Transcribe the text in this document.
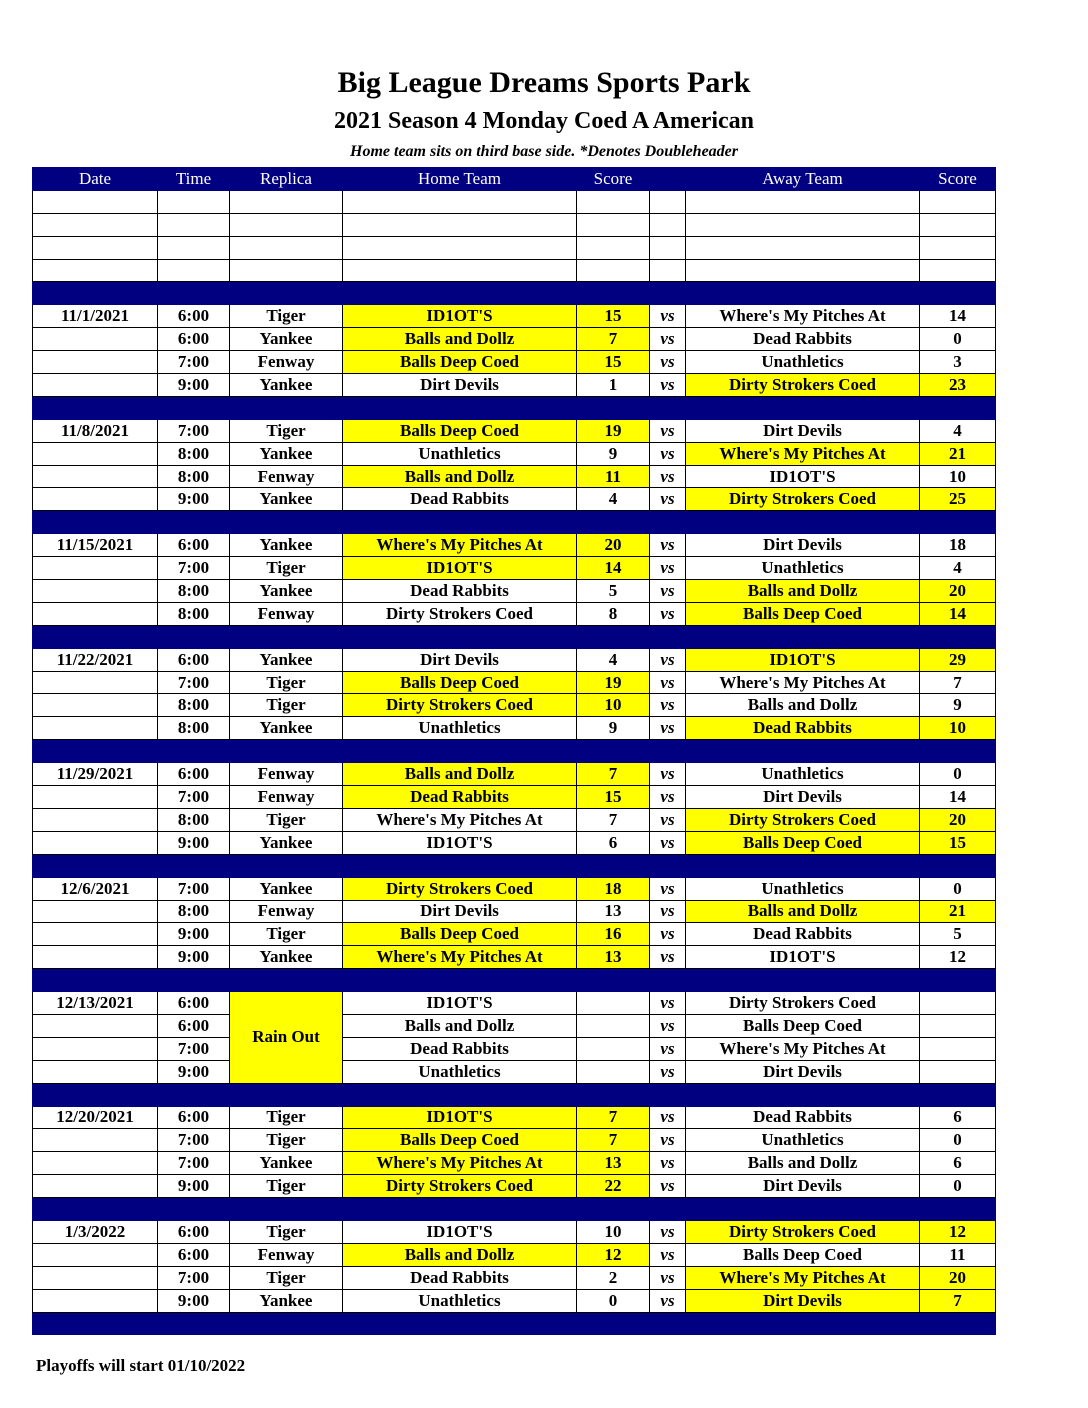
Big League Dreams Sports Park
2021 Season 4 Monday Coed A American
Home team sits on third base side. *Denotes Doubleheader
Date	Time	Replica	Home Team	Score		Away Team	Score

11/1/2021	6:00	Tiger	ID1OT'S	15	vs	Where's My Pitches At	14
	6:00	Yankee	Balls and Dollz	7	vs	Dead Rabbits	0
	7:00	Fenway	Balls Deep Coed	15	vs	Unathletics	3
	9:00	Yankee	Dirt Devils	1	vs	Dirty Strokers Coed	23

11/8/2021	7:00	Tiger	Balls Deep Coed	19	vs	Dirt Devils	4
	8:00	Yankee	Unathletics	9	vs	Where's My Pitches At	21
	8:00	Fenway	Balls and Dollz	11	vs	ID1OT'S	10
	9:00	Yankee	Dead Rabbits	4	vs	Dirty Strokers Coed	25

11/15/2021	6:00	Yankee	Where's My Pitches At	20	vs	Dirt Devils	18
	7:00	Tiger	ID1OT'S	14	vs	Unathletics	4
	8:00	Yankee	Dead Rabbits	5	vs	Balls and Dollz	20
	8:00	Fenway	Dirty Strokers Coed	8	vs	Balls Deep Coed	14

11/22/2021	6:00	Yankee	Dirt Devils	4	vs	ID1OT'S	29
	7:00	Tiger	Balls Deep Coed	19	vs	Where's My Pitches At	7
	8:00	Tiger	Dirty Strokers Coed	10	vs	Balls and Dollz	9
	8:00	Yankee	Unathletics	9	vs	Dead Rabbits	10

11/29/2021	6:00	Fenway	Balls and Dollz	7	vs	Unathletics	0
	7:00	Fenway	Dead Rabbits	15	vs	Dirt Devils	14
	8:00	Tiger	Where's My Pitches At	7	vs	Dirty Strokers Coed	20
	9:00	Yankee	ID1OT'S	6	vs	Balls Deep Coed	15

12/6/2021	7:00	Yankee	Dirty Strokers Coed	18	vs	Unathletics	0
	8:00	Fenway	Dirt Devils	13	vs	Balls and Dollz	21
	9:00	Tiger	Balls Deep Coed	16	vs	Dead Rabbits	5
	9:00	Yankee	Where's My Pitches At	13	vs	ID1OT'S	12

12/13/2021	6:00	Rain Out	ID1OT'S		vs	Dirty Strokers Coed	
	6:00		Balls and Dollz		vs	Balls Deep Coed	
	7:00		Dead Rabbits		vs	Where's My Pitches At	
	9:00		Unathletics		vs	Dirt Devils	

12/20/2021	6:00	Tiger	ID1OT'S	7	vs	Dead Rabbits	6
	7:00	Tiger	Balls Deep Coed	7	vs	Unathletics	0
	7:00	Yankee	Where's My Pitches At	13	vs	Balls and Dollz	6
	9:00	Tiger	Dirty Strokers Coed	22	vs	Dirt Devils	0

1/3/2022	6:00	Tiger	ID1OT'S	10	vs	Dirty Strokers Coed	12
	6:00	Fenway	Balls and Dollz	12	vs	Balls Deep Coed	11
	7:00	Tiger	Dead Rabbits	2	vs	Where's My Pitches At	20
	9:00	Yankee	Unathletics	0	vs	Dirt Devils	7

Playoffs will start 01/10/2022
